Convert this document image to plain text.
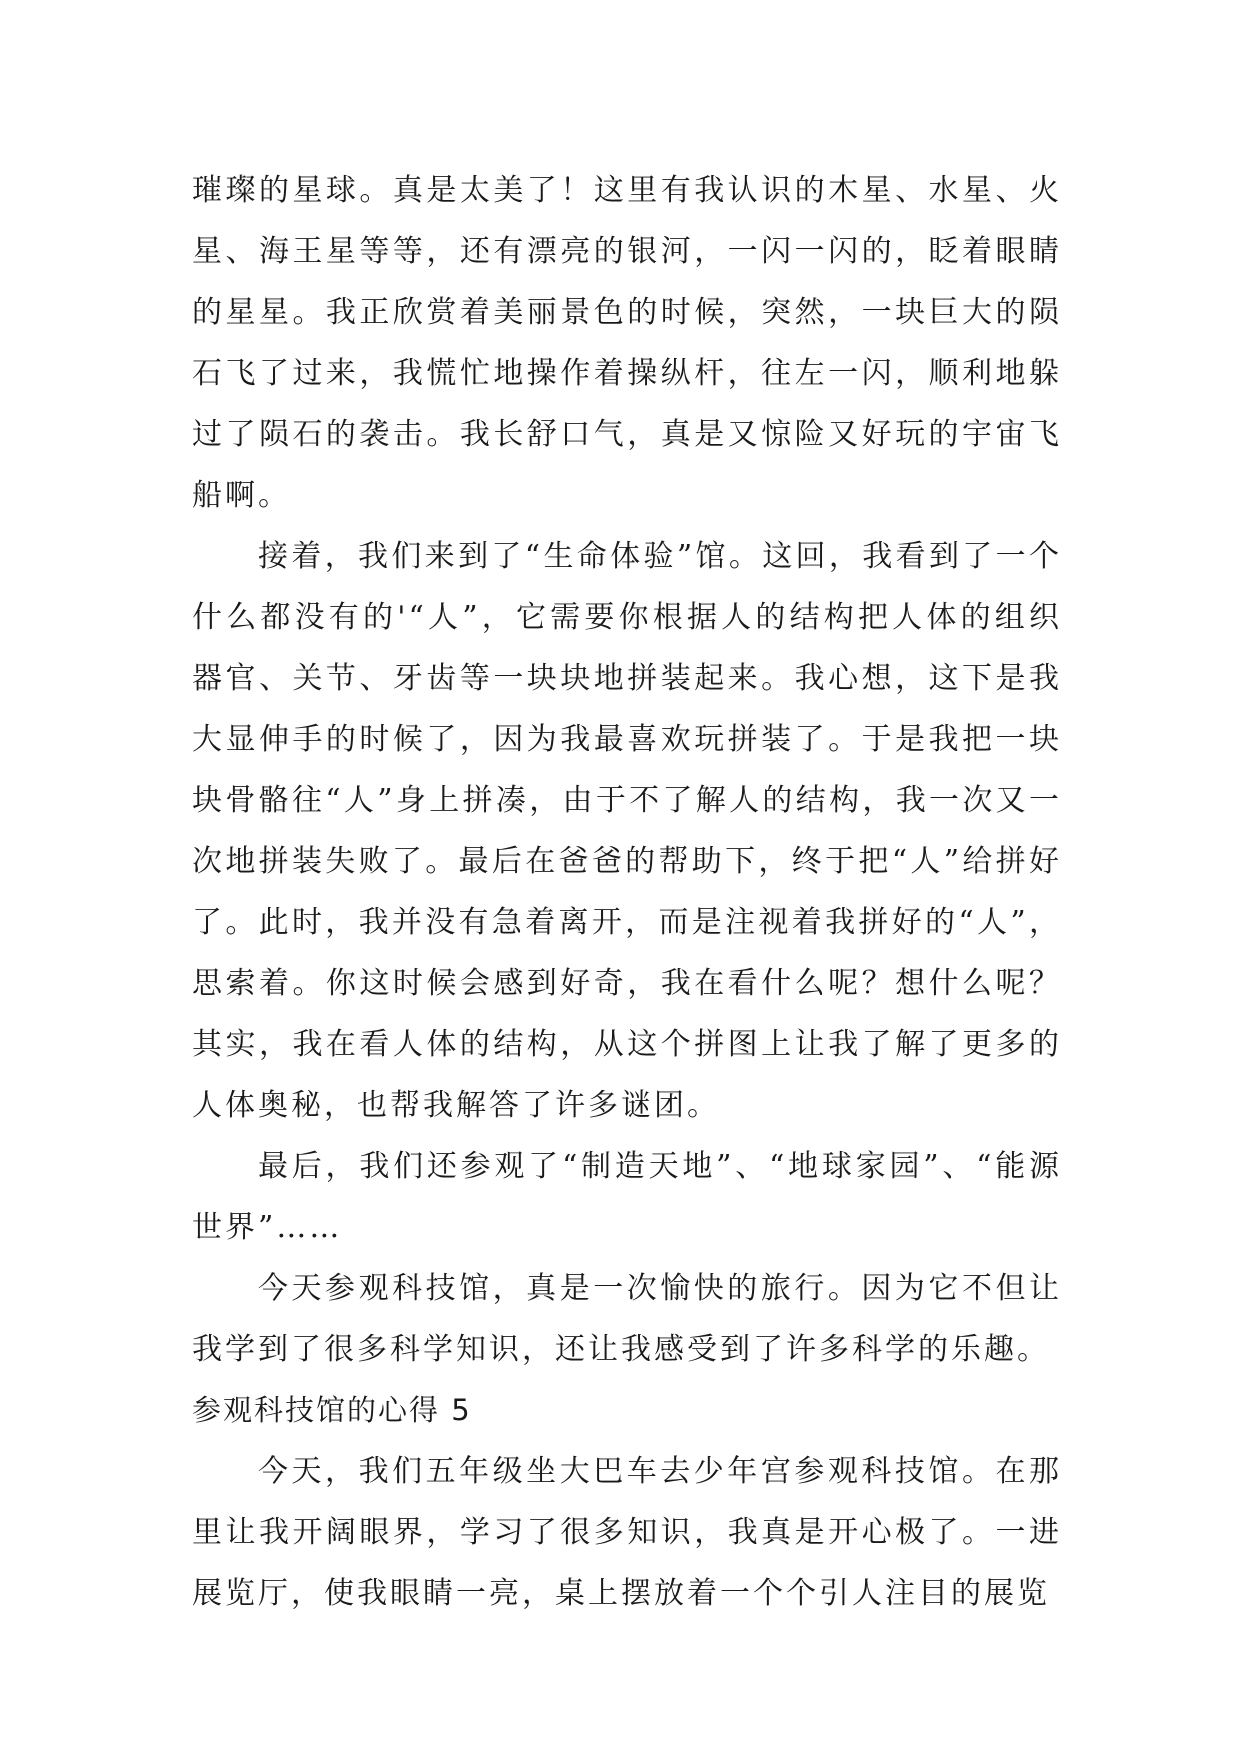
璀璨的星球。真是太美了！这里有我认识的木星、水星、火星、海王星等等，还有漂亮的银河，一闪一闪的，眨着眼睛的星星。我正欣赏着美丽景色的时候，突然，一块巨大的陨石飞了过来，我慌忙地操作着操纵杆，往左一闪，顺利地躲过了陨石的袭击。我长舒口气，真是又惊险又好玩的宇宙飞船啊。

接着，我们来到了“生命体验”馆。这回，我看到了一个什么都没有的'“人”，它需要你根据人的结构把人体的组织器官、关节、牙齿等一块块地拼装起来。我心想，这下是我大显伸手的时候了，因为我最喜欢玩拼装了。于是我把一块块骨骼往“人”身上拼凑，由于不了解人的结构，我一次又一次地拼装失败了。最后在爸爸的帮助下，终于把“人”给拼好了。此时，我并没有急着离开，而是注视着我拼好的“人”，思索着。你这时候会感到好奇，我在看什么呢？想什么呢？其实，我在看人体的结构，从这个拼图上让我了解了更多的人体奥秘，也帮我解答了许多谜团。

最后，我们还参观了“制造天地”、“地球家园”、“能源世界”……

今天参观科技馆，真是一次愉快的旅行。因为它不但让我学到了很多科学知识，还让我感受到了许多科学的乐趣。

参观科技馆的心得 5

今天，我们五年级坐大巴车去少年宫参观科技馆。在那里让我开阔眼界，学习了很多知识，我真是开心极了。一进展览厅，使我眼睛一亮，桌上摆放着一个个引人注目的展览
